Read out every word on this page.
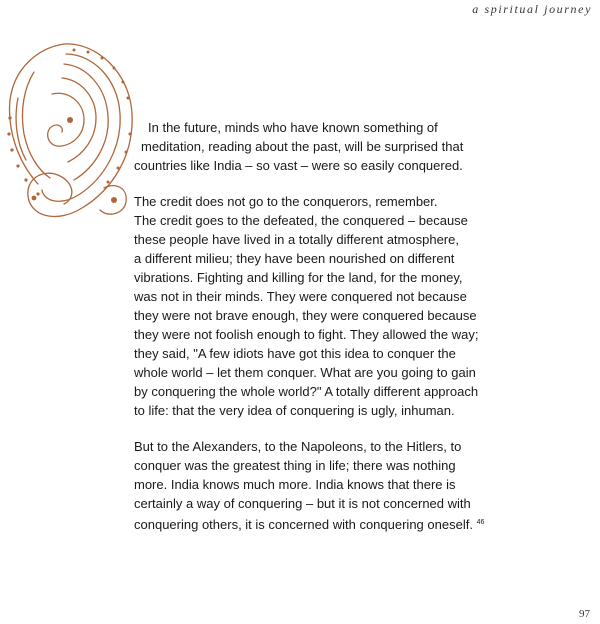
a spiritual journey
In the future, minds who have known something of
meditation, reading about the past, will be surprised that
countries like India – so vast – were so easily conquered.
The credit does not go to the conquerors, remember.
The credit goes to the defeated, the conquered – because
these people have lived in a totally different atmosphere,
a different milieu; they have been nourished on different
vibrations. Fighting and killing for the land, for the money,
was not in their minds. They were conquered not because
they were not brave enough, they were conquered because
they were not foolish enough to fight. They allowed the way;
they said, "A few idiots have got this idea to conquer the
whole world – let them conquer. What are you going to gain
by conquering the whole world?" A totally different approach
to life: that the very idea of conquering is ugly, inhuman.
But to the Alexanders, to the Napoleons, to the Hitlers, to
conquer was the greatest thing in life; there was nothing
more. India knows much more. India knows that there is
certainly a way of conquering – but it is not concerned with
conquering others, it is concerned with conquering oneself. $^{46}$
97
